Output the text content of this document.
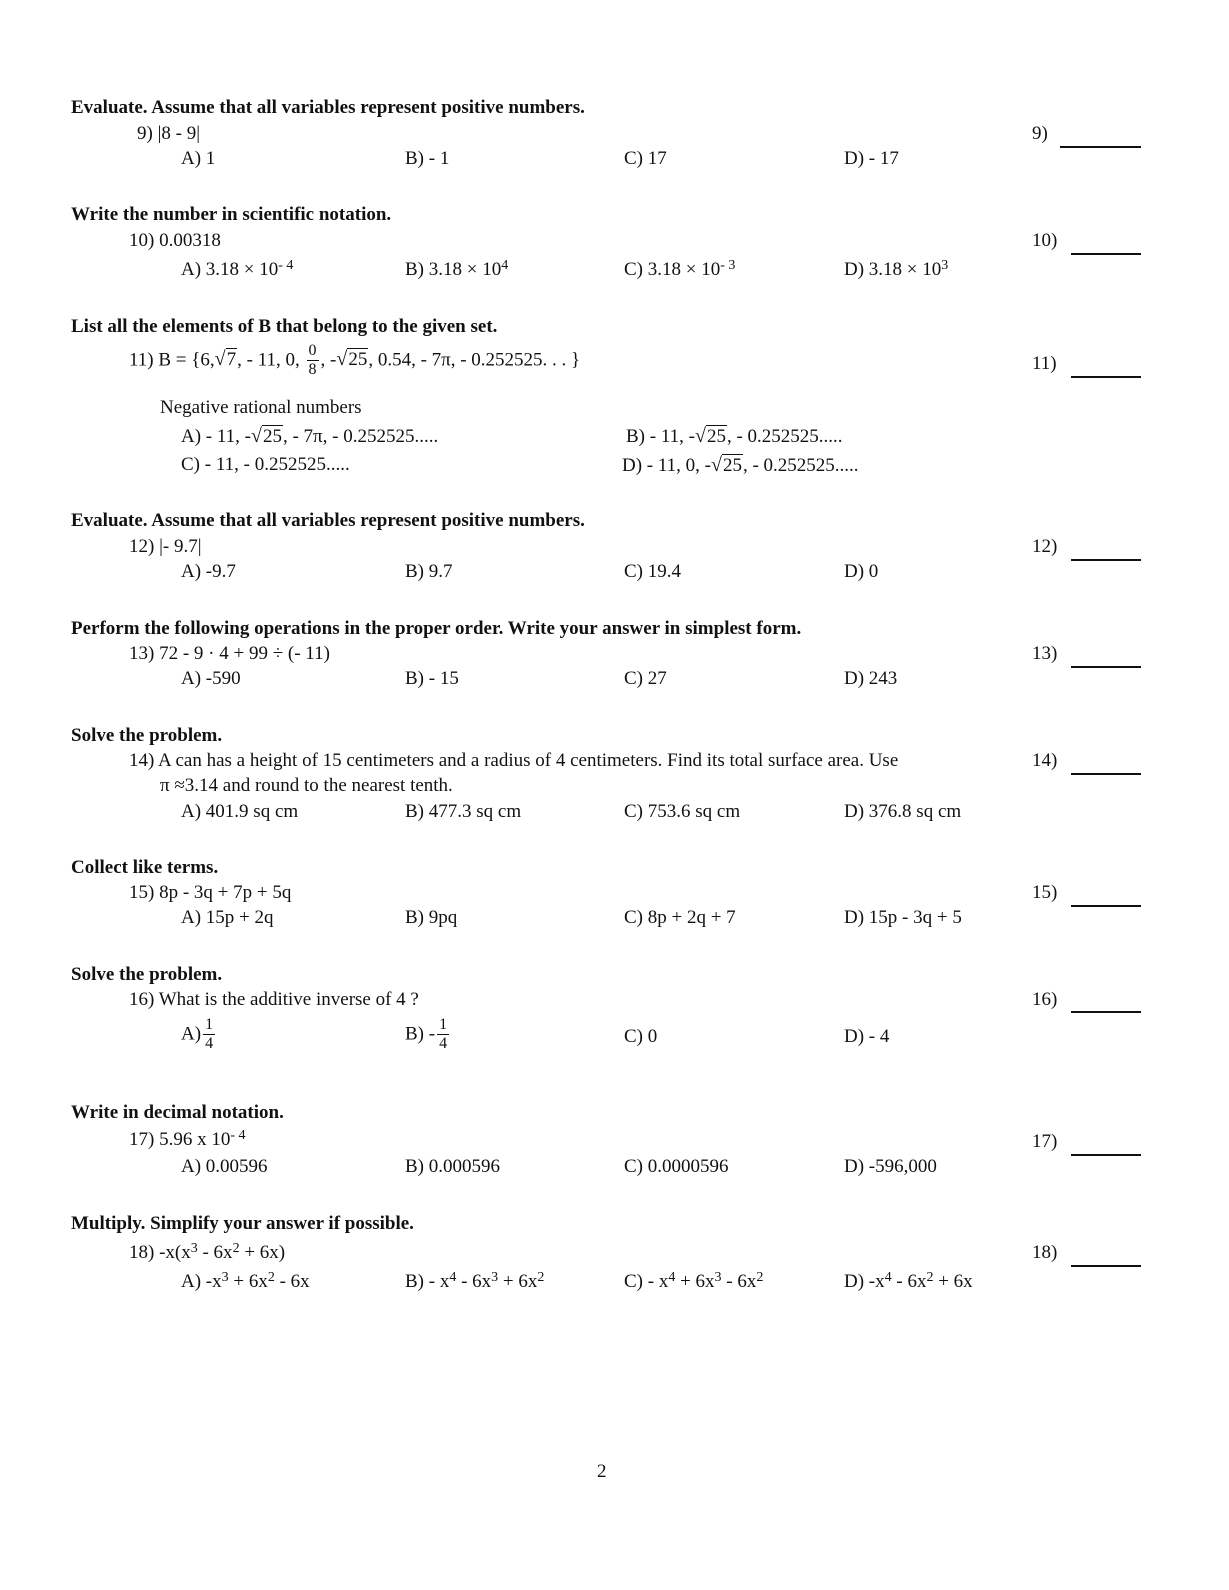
Evaluate. Assume that all variables represent positive numbers.
9) |8 - 9|	9)
A) 1	B) - 1	C) 17	D) - 17
Write the number in scientific notation.
10) 0.00318	10)
A) $3.18 \times 10^{- 4}$	B) $3.18 \times 10^4$	C) $3.18 \times 10^{- 3}$	D) $3.18 \times 10^3$
List all the elements of B that belong to the given set.
11) B = {6,√7, - 11, 0, $\frac{0}{8}$ , -√25, 0.54, - 7π, - 0.252525. . . }	11)
Negative rational numbers
A) - 11, -√25, - 7π, - 0.252525.....	B) - 11, -√25, - 0.252525.....
C) - 11, - 0.252525.....	D) - 11, 0, -√25, - 0.252525.....
Evaluate. Assume that all variables represent positive numbers.
12) |- 9.7|	12)
A) -9.7	B) 9.7	C) 19.4	D) 0
Perform the following operations in the proper order. Write your answer in simplest form.
13) 72 - 9 · 4 + 99 ÷ (- 11)	13)
A) -590	B) - 15	C) 27	D) 243
Solve the problem.
14) A can has a height of 15 centimeters and a radius of 4 centimeters. Find its total surface area. Use
π ≈3.14 and round to the nearest tenth.
14)
A) 401.9 sq cm	B) 477.3 sq cm	C) 753.6 sq cm	D) 376.8 sq cm
Collect like terms.
15) 8p - 3q + 7p + 5q	15)
A) 15p + 2q	B) 9pq	C) 8p + 2q + 7	D) 15p - 3q + 5
Solve the problem.
16) What is the additive inverse of 4 ?	16)
$A) \frac{1}{4}$	$B) - \frac{1}{4}$	C) 0	D) - 4
Write in decimal notation.
17) 5.96 x $10^{- 4}$	17)
A) 0.00596	B) 0.000596	C) 0.0000596	D) -596,000
Multiply. Simplify your answer if possible.
18) $-x(x^3 - 6x^2 + 6x)$	18)
A) $-x^3 + 6x^2 - 6x$	$B) - x^4 - 6x^3 + 6x^2$	$C) - x^4 + 6x^3 - 6x^2$	D) $-x^4 - 6x^2 + 6x$
2
